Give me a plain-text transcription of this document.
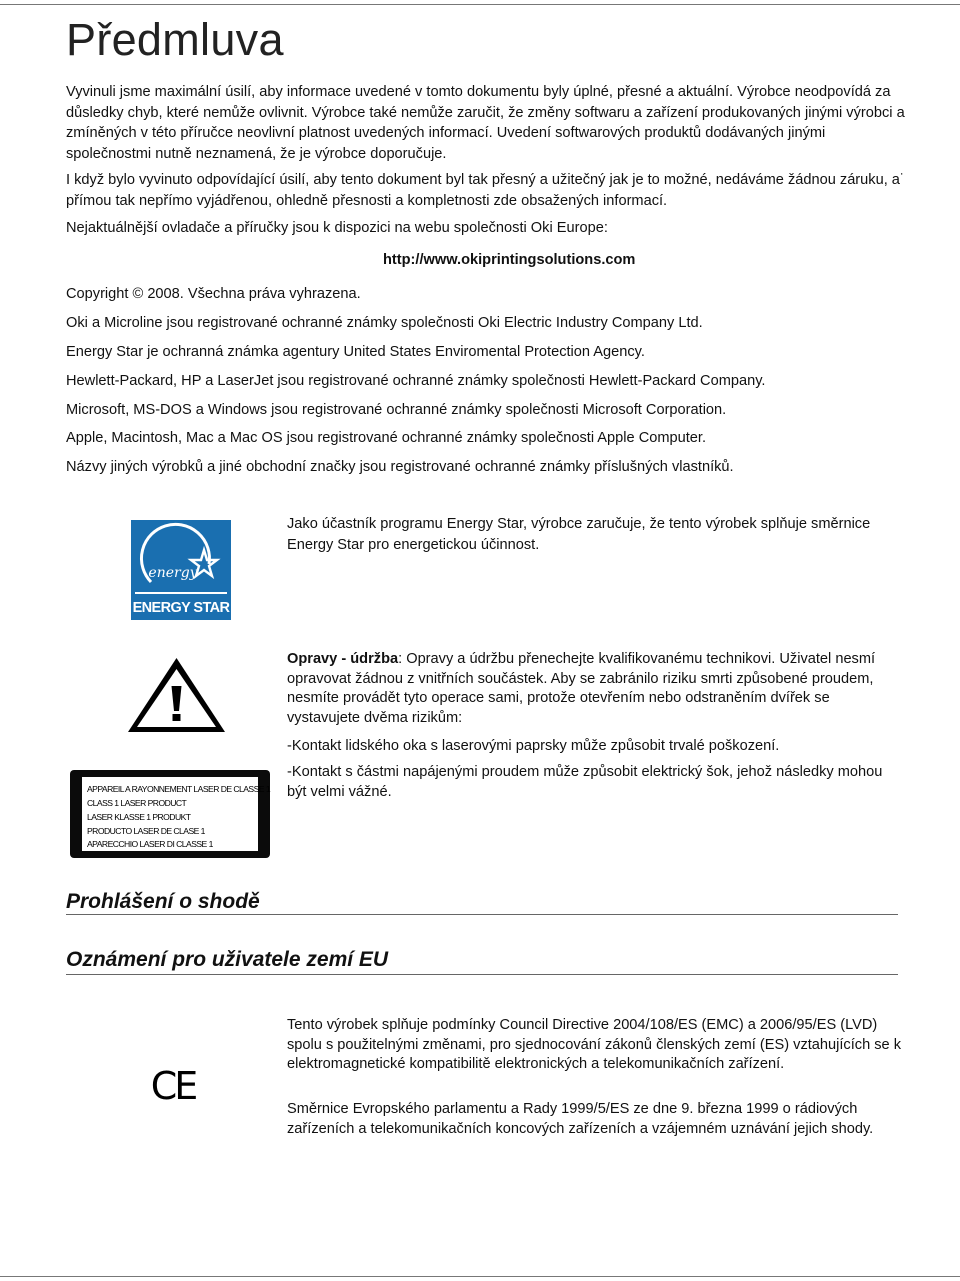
Předmluva

Vyvinuli jsme maximální úsilí, aby informace uvedené v tomto dokumentu byly úplné, přesné a aktuální. Výrobce neodpovídá za důsledky chyb, které nemůže ovlivnit. Výrobce také nemůže zaručit, že změny softwaru a zařízení produkovaných jinými výrobci a zmíněných v této příručce neovlivní platnost uvedených informací. Uvedení softwarových produktů dodávaných jinými společnostmi nutně neznamená, že je výrobce doporučuje.

I když bylo vyvinuto odpovídající úsilí, aby tento dokument byl tak přesný a užitečný jak je to možné, nedáváme žádnou záruku, a˙ přímou tak nepřímo vyjádřenou, ohledně přesnosti a kompletnosti zde obsažených informací.

Nejaktuálnější ovladače a příručky jsou k dispozici na webu společnosti Oki Europe:

http://www.okiprintingsolutions.com

Copyright © 2008. Všechna práva vyhrazena.

Oki a Microline jsou registrované ochranné známky společnosti Oki Electric Industry Company Ltd.

Energy Star je ochranná známka agentury United States Enviromental Protection Agency.

Hewlett-Packard, HP a LaserJet jsou registrované ochranné známky společnosti Hewlett-Packard Company.

Microsoft, MS-DOS a Windows jsou registrované ochranné známky společnosti Microsoft Corporation.

Apple, Macintosh, Mac a Mac OS jsou registrované ochranné známky společnosti Apple Computer.

Názvy jiných výrobků a jiné obchodní značky jsou registrované ochranné známky příslušných vlastníků.

energy
ENERGY STAR

Jako účastník programu Energy Star, výrobce zaručuje, že tento výrobek splňuje směrnice Energy Star pro energetickou účinnost.

APPAREIL A RAYONNEMENT LASER DE CLASSE 1

CLASS 1 LASER PRODUCT

LASER KLASSE 1 PRODUKT

PRODUCTO LASER DE CLASE 1

APARECCHIO LASER DI CLASSE 1

Opravy - údržba: Opravy a údržbu přenechejte kvalifikovanému technikovi. Uživatel nesmí opravovat žádnou z vnitřních součástek. Aby se zabránilo riziku smrti způsobené proudem, nesmíte provádět tyto operace sami, protože otevřením nebo odstraněním dvířek se vystavujete dvěma rizikům:

-Kontakt lidského oka s laserovými paprsky může způsobit trvalé poškození.

-Kontakt s částmi napájenými proudem může způsobit elektrický šok, jehož následky mohou být velmi vážné.

Prohlášení o shodě
Oznámení pro uživatele zemí EU
CE

Tento výrobek splňuje podmínky Council Directive 2004/108/ES (EMC) a 2006/95/ES (LVD) spolu s použitelnými změnami, pro sjednocování zákonů členských zemí (ES) vztahujících se k elektromagnetické kompatibilitě elektronických a telekomunikačních zařízení.

Směrnice Evropského parlamentu a Rady 1999/5/ES ze dne 9. března 1999 o rádiových zařízeních a telekomunikačních koncových zařízeních a vzájemném uznávání jejich shody.
